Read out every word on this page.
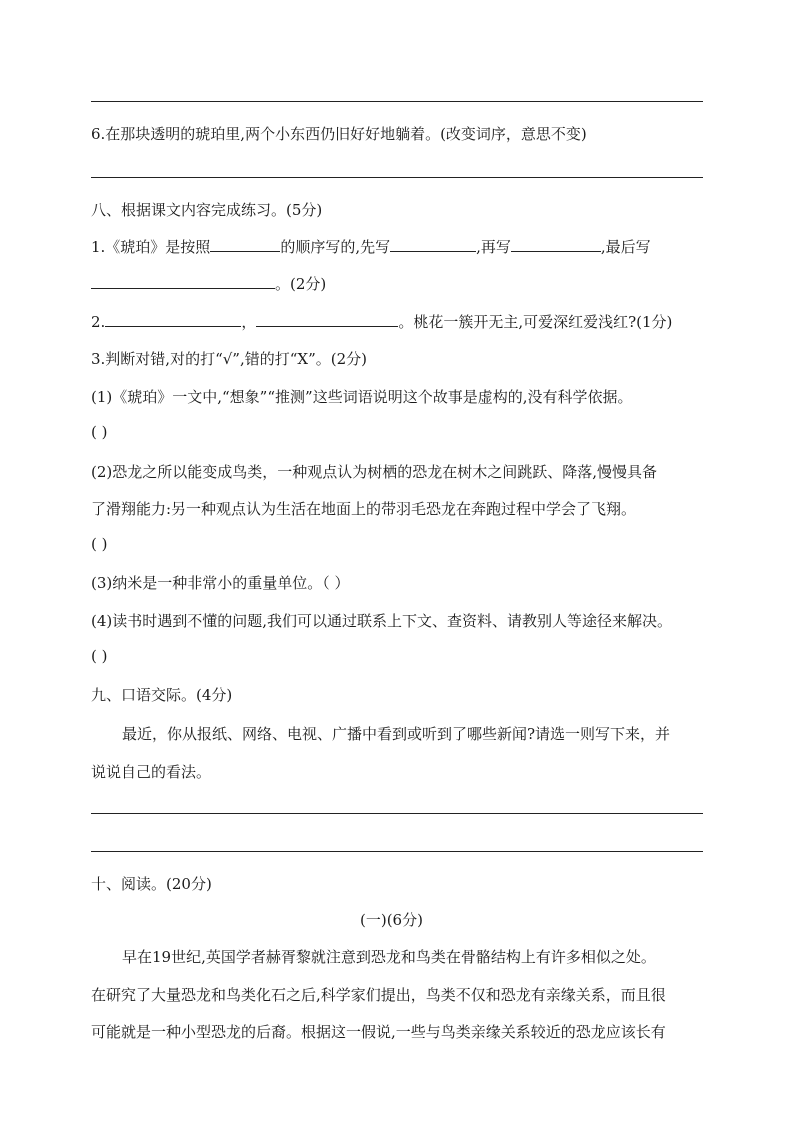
6.在那块透明的琥珀里,两个小东西仍旧好好地躺着。(改变词序，意思不变)
八、根据课文内容完成练习。(5分)
1.《琥珀》是按照	的顺序写的,先写	,再写	,最后写
。(2分)
2.	，	。桃花一簇开无主,可爱深红爱浅红?(1分)
3.判断对错,对的打“√”,错的打“X”。(2分)
(1)《琥珀》一文中,“想象”“推测”这些词语说明这个故事是虚构的,没有科学依据。
( )
(2)恐龙之所以能变成鸟类，一种观点认为树栖的恐龙在树木之间跳跃、降落,慢慢具备
了滑翔能力:另一种观点认为生活在地面上的带羽毛恐龙在奔跑过程中学会了飞翔。
( )
(3)纳米是一种非常小的重量单位。（ ）
(4)读书时遇到不懂的问题,我们可以通过联系上下文、查资料、请教别人等途径来解决。
( )
九、口语交际。(4分)
最近，你从报纸、网络、电视、广播中看到或听到了哪些新闻?请选一则写下来，并
说说自己的看法。
十、阅读。(20分)
(一)(6分)
早在19世纪,英国学者赫胥黎就注意到恐龙和鸟类在骨骼结构上有许多相似之处。
在研究了大量恐龙和鸟类化石之后,科学家们提出，鸟类不仅和恐龙有亲缘关系，而且很
可能就是一种小型恐龙的后裔。根据这一假说,一些与鸟类亲缘关系较近的恐龙应该长有
